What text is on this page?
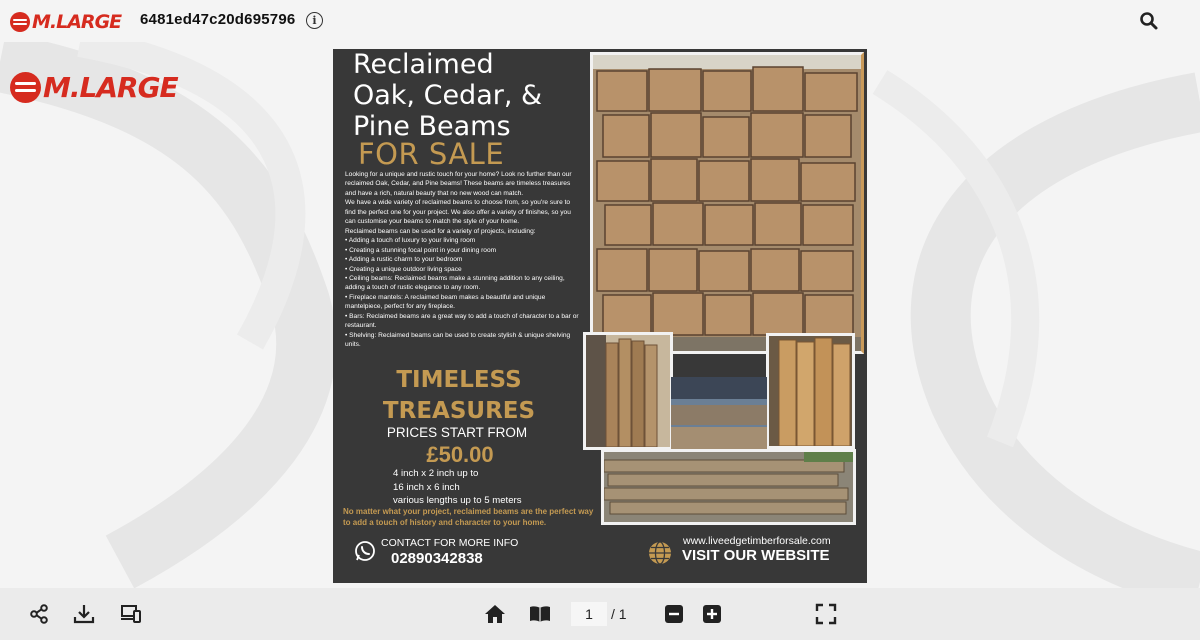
M.LARGE 6481ed47c20d695796	i
M.LARGE
Reclaimed
Oak, Cedar, &
Pine Beams
FOR SALE

Looking for a unique and rustic touch for your home? Look no further than our reclaimed Oak, Cedar, and Pine beams! These beams are timeless treasures and have a rich, natural beauty that no new wood can match.

We have a wide variety of reclaimed beams to choose from, so you're sure to find the perfect one for your project. We also offer a variety of finishes, so you can customise your beams to match the style of your home.

Reclaimed beams can be used for a variety of projects, including:

• Adding a touch of luxury to your living room

• Creating a stunning focal point in your dining room

• Adding a rustic charm to your bedroom

• Creating a unique outdoor living space

• Ceiling beams: Reclaimed beams make a stunning addition to any ceiling, adding a touch of rustic elegance to any room.

• Fireplace mantels: A reclaimed beam makes a beautiful and unique mantelpiece, perfect for any fireplace.

• Bars: Reclaimed beams are a great way to add a touch of character to a bar or restaurant.

• Shelving: Reclaimed beams can be used to create stylish & unique shelving units.

TIMELESS
TREASURES
PRICES START FROM
£50.00
4 inch x 2 inch up to
16 inch x 6 inch
various lengths up to 5 meters
No matter what your project, reclaimed beams are the perfect way to add a touch of history and character to your home.
CONTACT FOR MORE INFO
02890342838
www.liveedgetimberforsale.com
VISIT OUR WEBSITE
1
/ 1
